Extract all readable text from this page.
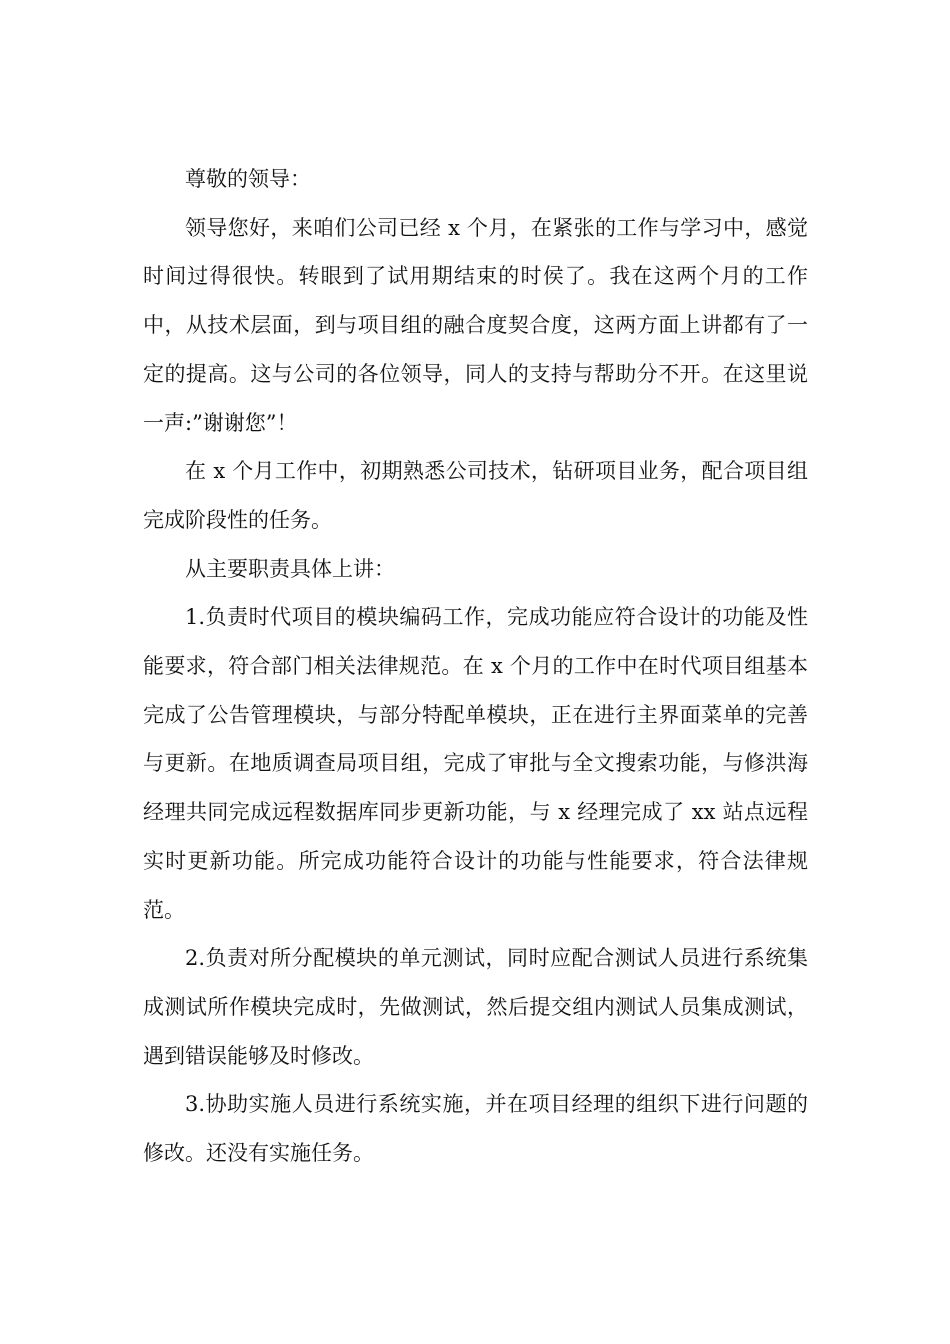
尊敬的领导：

领导您好，来咱们公司已经 x 个月，在紧张的工作与学习中，感觉时间过得很快。转眼到了试用期结束的时侯了。我在这两个月的工作中，从技术层面，到与项目组的融合度契合度，这两方面上讲都有了一定的提高。这与公司的各位领导，同人的支持与帮助分不开。在这里说一声:”谢谢您”！

在 x 个月工作中，初期熟悉公司技术，钻研项目业务，配合项目组完成阶段性的任务。

从主要职责具体上讲：

1.负责时代项目的模块编码工作，完成功能应符合设计的功能及性能要求，符合部门相关法律规范。在 x 个月的工作中在时代项目组基本完成了公告管理模块，与部分特配单模块，正在进行主界面菜单的完善与更新。在地质调查局项目组，完成了审批与全文搜索功能，与修洪海经理共同完成远程数据库同步更新功能，与 x 经理完成了 xx 站点远程实时更新功能。所完成功能符合设计的功能与性能要求，符合法律规范。

2.负责对所分配模块的单元测试，同时应配合测试人员进行系统集成测试所作模块完成时，先做测试，然后提交组内测试人员集成测试，遇到错误能够及时修改。

3.协助实施人员进行系统实施，并在项目经理的组织下进行问题的修改。还没有实施任务。
